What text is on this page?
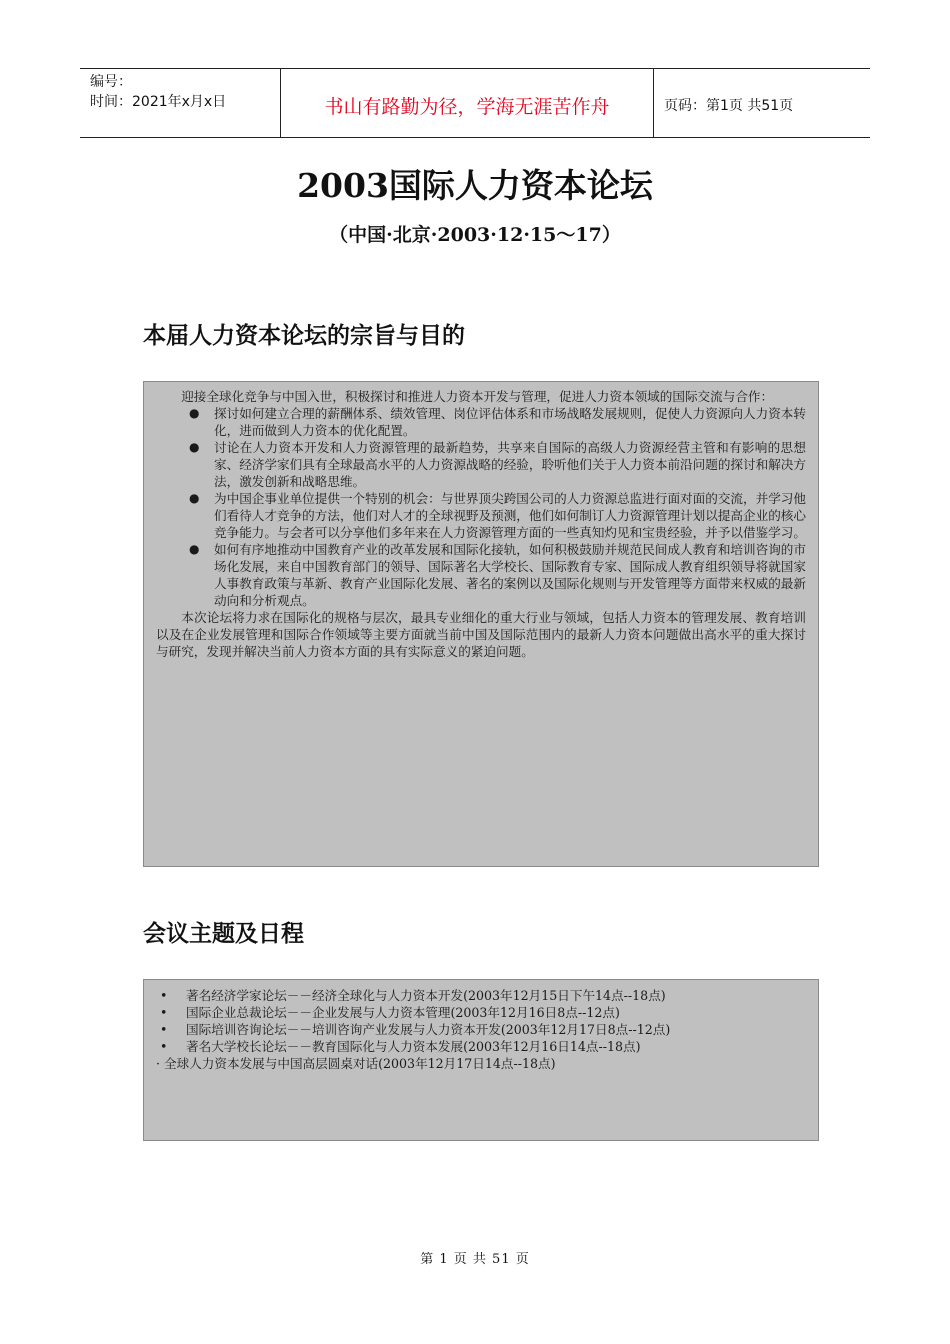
编号：
时间：2021年x月x日	书山有路勤为径，学海无涯苦作舟	页码：第1页 共51页
2003国际人力资本论坛
（中国·北京·2003·12·15～17）
本届人力资本论坛的宗旨与目的
迎接全球化竞争与中国入世，积极探讨和推进人力资本开发与管理，促进人力资本领域的国际交流与合作：
● 探讨如何建立合理的薪酬体系、绩效管理、岗位评估体系和市场战略发展规则，促使人力资源向人力资本转化，进而做到人力资本的优化配置。
● 讨论在人力资本开发和人力资源管理的最新趋势，共享来自国际的高级人力资源经营主管和有影响的思想家、经济学家们具有全球最高水平的人力资源战略的经验，聆听他们关于人力资本前沿问题的探讨和解决方法，激发创新和战略思维。
● 为中国企事业单位提供一个特别的机会：与世界顶尖跨国公司的人力资源总监进行面对面的交流，并学习他们看待人才竞争的方法，他们对人才的全球视野及预测，他们如何制订人力资源管理计划以提高企业的核心竞争能力。与会者可以分享他们多年来在人力资源管理方面的一些真知灼见和宝贵经验，并予以借鉴学习。
● 如何有序地推动中国教育产业的改革发展和国际化接轨，如何积极鼓励并规范民间成人教育和培训咨询的市场化发展，来自中国教育部门的领导、国际著名大学校长、国际教育专家、国际成人教育组织领导将就国家人事教育政策与革新、教育产业国际化发展、著名的案例以及国际化规则与开发管理等方面带来权威的最新动向和分析观点。
本次论坛将力求在国际化的规格与层次，最具专业细化的重大行业与领域，包括人力资本的管理发展、教育培训以及在企业发展管理和国际合作领域等主要方面就当前中国及国际范围内的最新人力资本问题做出高水平的重大探讨与研究，发现并解决当前人力资本方面的具有实际意义的紧迫问题。
会议主题及日程
• 著名经济学家论坛－－经济全球化与人力资本开发(2003年12月15日下午14点--18点)
• 国际企业总裁论坛－－企业发展与人力资本管理(2003年12月16日8点--12点)
• 国际培训咨询论坛－－培训咨询产业发展与人力资本开发(2003年12月17日8点--12点)
• 著名大学校长论坛－－教育国际化与人力资本发展(2003年12月16日14点--18点)
· 全球人力资本发展与中国高层圆桌对话(2003年12月17日14点--18点)
第 1 页 共 51 页
